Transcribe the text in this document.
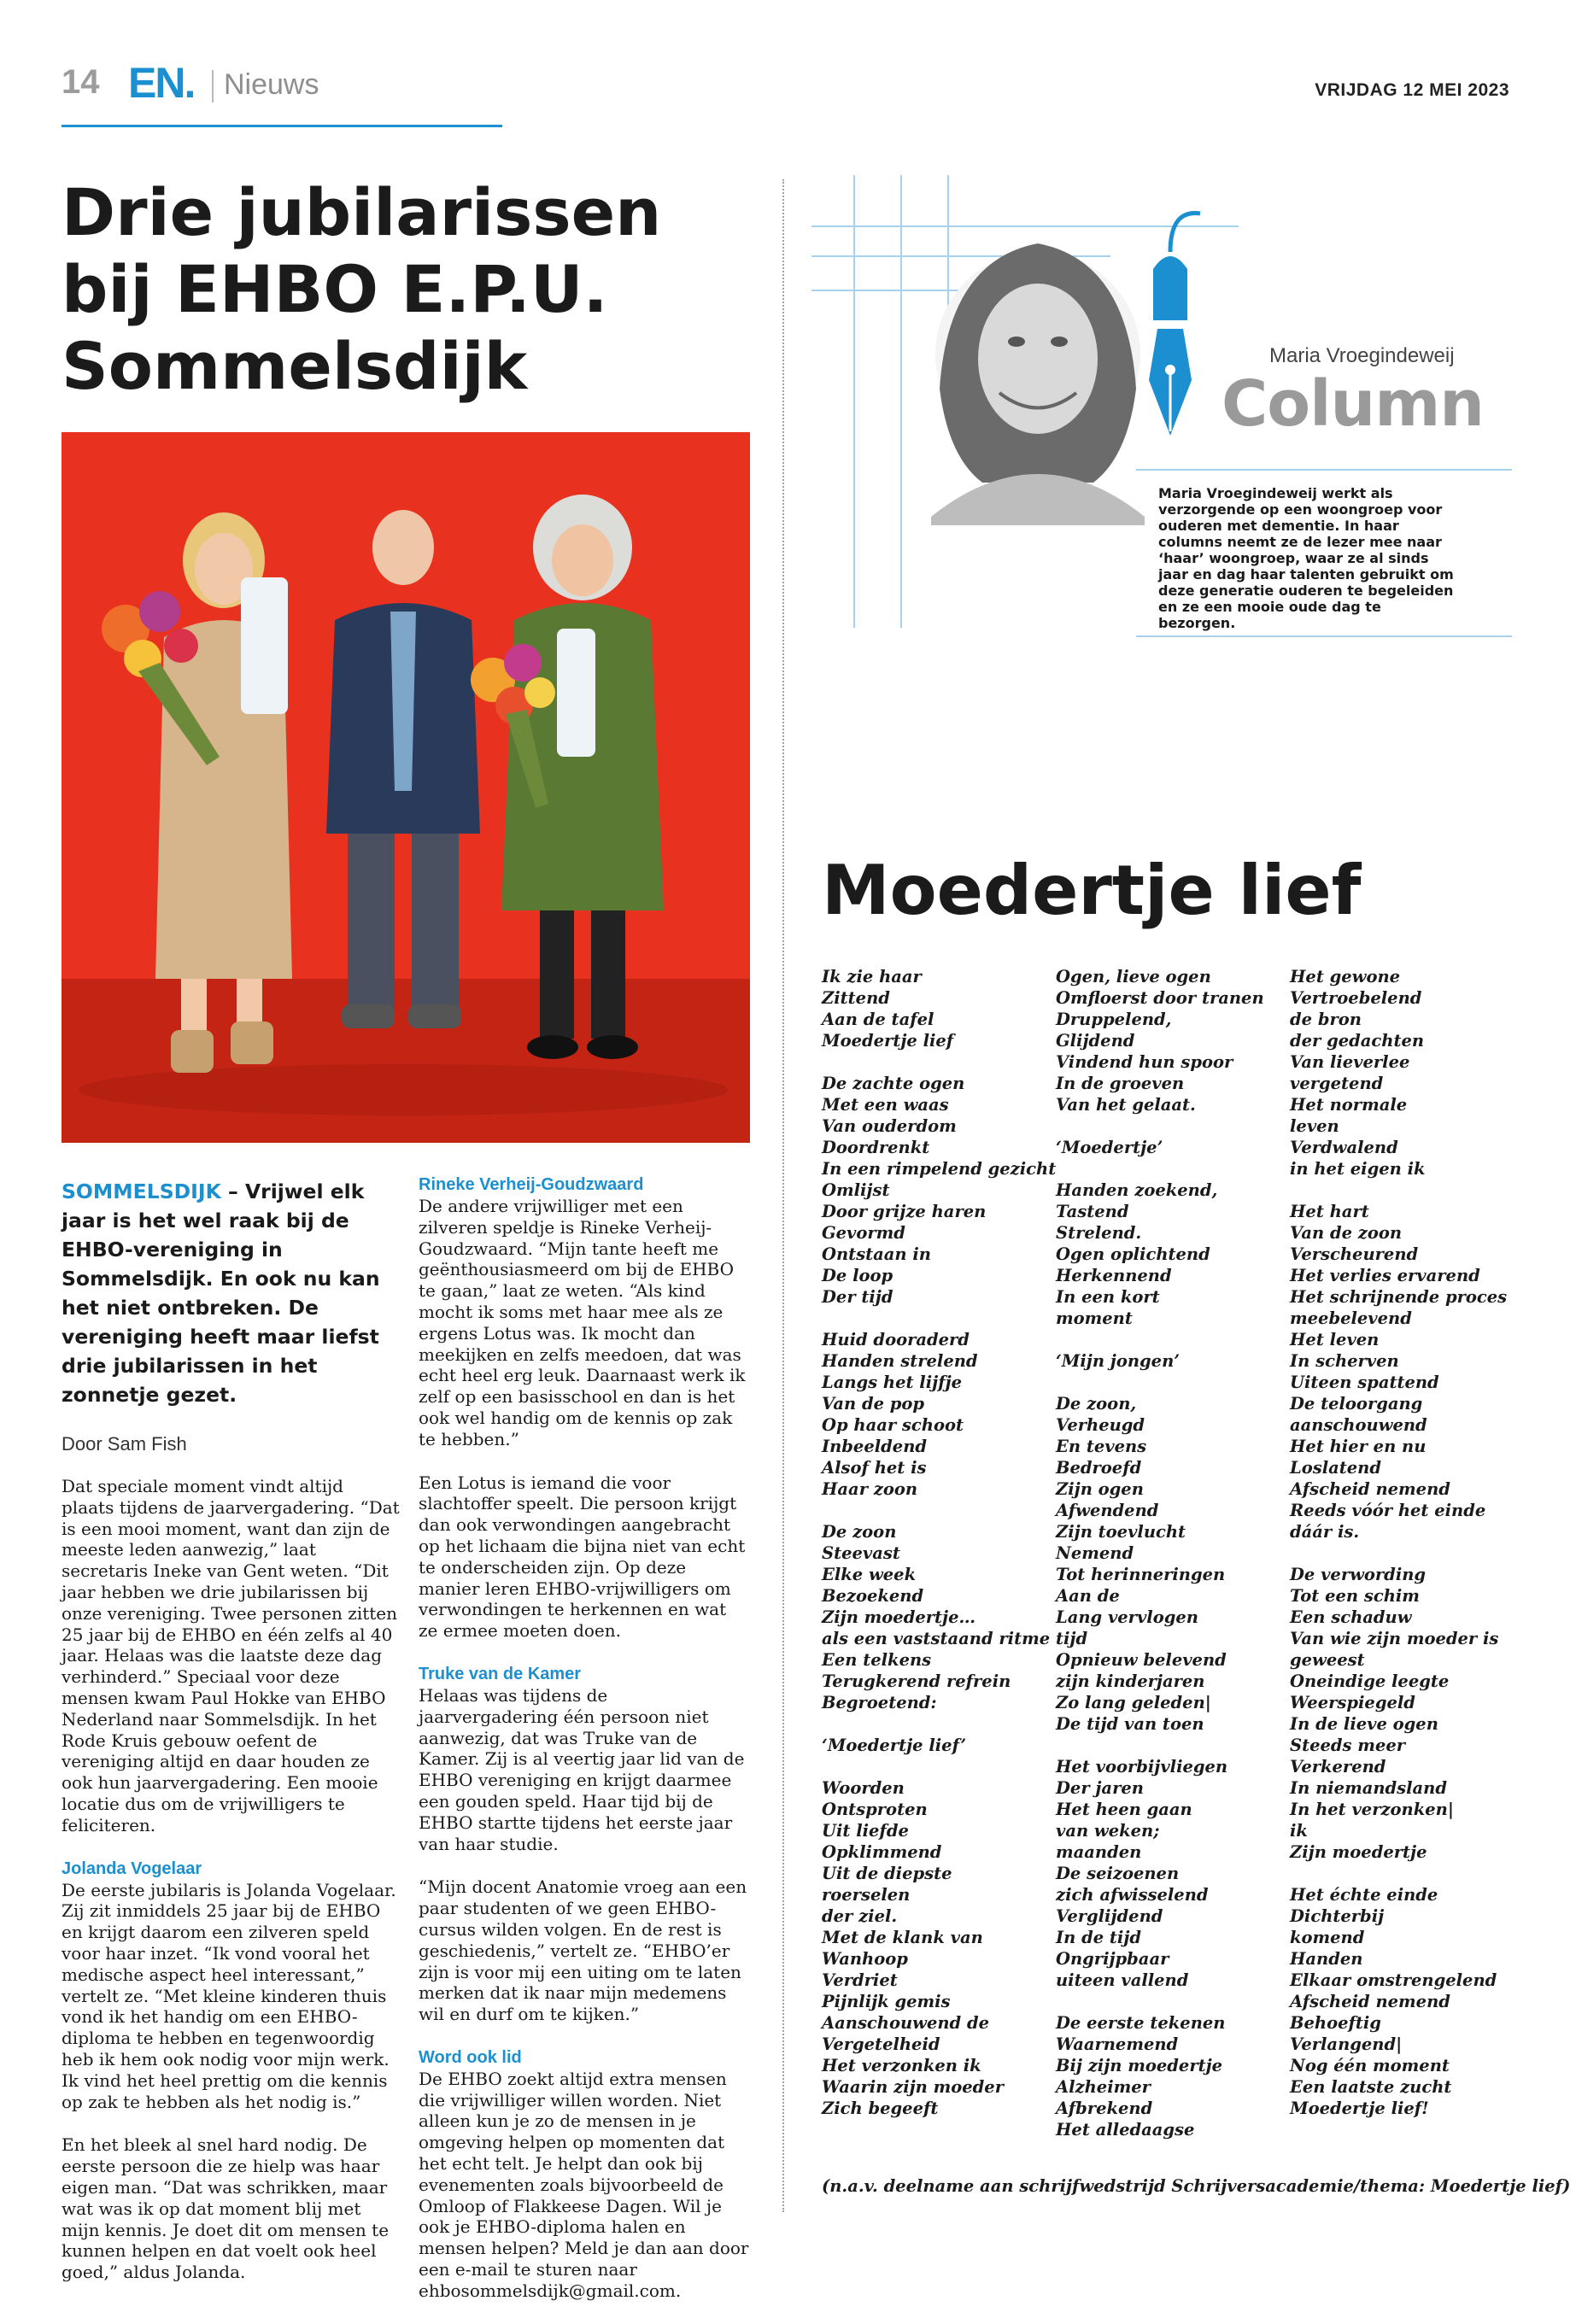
14 EN. Nieuws	VRIJDAG 12 MEI 2023
Drie jubilarissen
bij EHBO E.P.U.
Sommelsdijk
SOMMELSDIJK – Vrijwel elk jaar is het wel raak bij de EHBO-vereniging in Sommelsdijk. En ook nu kan het niet ontbreken. De vereniging heeft maar liefst drie jubilarissen in het zonnetje gezet.
Door Sam Fish

Dat speciale moment vindt altijd plaats tijdens de jaarvergadering. “Dat is een mooi moment, want dan zijn de meeste leden aanwezig,” laat secretaris Ineke van Gent weten. “Dit jaar hebben we drie jubilarissen bij onze vereniging. Twee personen zitten 25 jaar bij de EHBO en één zelfs al 40 jaar. Helaas was die laatste deze dag verhinderd.” Speciaal voor deze mensen kwam Paul Hokke van EHBO Nederland naar Sommelsdijk. In het Rode Kruis gebouw oefent de vereniging altijd en daar houden ze ook hun jaarvergadering. Een mooie locatie dus om de vrijwilligers te feliciteren.

Jolanda Vogelaar

De eerste jubilaris is Jolanda Vogelaar. Zij zit inmiddels 25 jaar bij de EHBO en krijgt daarom een zilveren speld voor haar inzet. “Ik vond vooral het medische aspect heel interessant,” vertelt ze. “Met kleine kinderen thuis vond ik het handig om een EHBO-diploma te hebben en tegenwoordig heb ik hem ook nodig voor mijn werk. Ik vind het heel prettig om die kennis op zak te hebben als het nodig is.”

En het bleek al snel hard nodig. De eerste persoon die ze hielp was haar eigen man. “Dat was schrikken, maar wat was ik op dat moment blij met mijn kennis. Je doet dit om mensen te kunnen helpen en dat voelt ook heel goed,” aldus Jolanda.

Rineke Verheij-Goudzwaard

De andere vrijwilliger met een zilveren speldje is Rineke Verheij-Goudzwaard. “Mijn tante heeft me geënthousiasmeerd om bij de EHBO te gaan,” laat ze weten. “Als kind mocht ik soms met haar mee als ze ergens Lotus was. Ik mocht dan meekijken en zelfs meedoen, dat was echt heel erg leuk. Daarnaast werk ik zelf op een basisschool en dan is het ook wel handig om de kennis op zak te hebben.”

Een Lotus is iemand die voor slachtoffer speelt. Die persoon krijgt dan ook verwondingen aangebracht op het lichaam die bijna niet van echt te onderscheiden zijn. Op deze manier leren EHBO-vrijwilligers om verwondingen te herkennen en wat ze ermee moeten doen.

Truke van de Kamer

Helaas was tijdens de jaarvergadering één persoon niet aanwezig, dat was Truke van de Kamer. Zij is al veertig jaar lid van de EHBO vereniging en krijgt daarmee een gouden speld. Haar tijd bij de EHBO startte tijdens het eerste jaar van haar studie.

“Mijn docent Anatomie vroeg aan een paar studenten of we geen EHBO-cursus wilden volgen. En de rest is geschiedenis,” vertelt ze. “EHBO’er zijn is voor mij een uiting om te laten merken dat ik naar mijn medemens wil en durf om te kijken.”

Word ook lid

De EHBO zoekt altijd extra mensen die vrijwilliger willen worden. Niet alleen kun je zo de mensen in je omgeving helpen op momenten dat het echt telt. Je helpt dan ook bij evenementen zoals bijvoorbeeld de Omloop of Flakkeese Dagen. Wil je ook je EHBO-diploma halen en mensen helpen? Meld je dan aan door een e-mail te sturen naar ehbosommelsdijk@gmail.com.

Maria Vroegindeweij
Column
Maria Vroegindeweij werkt als verzorgende op een woongroep voor ouderen met dementie. In haar columns neemt ze de lezer mee naar ‘haar’ woongroep, waar ze al sinds jaar en dag haar talenten gebruikt om deze generatie ouderen te begeleiden en ze een mooie oude dag te bezorgen.
Moedertje lief
Ik zie haar
Zittend
Aan de tafel
Moedertje lief
De zachte ogen
Met een waas
Van ouderdom
Doordrenkt
In een rimpelend gezicht
Omlijst
Door grijze haren
Gevormd
Ontstaan in
De loop
Der tijd
Huid dooraderd
Handen strelend
Langs het lijfje
Van de pop
Op haar schoot
Inbeeldend
Alsof het is
Haar zoon
De zoon
Steevast
Elke week
Bezoekend
Zijn moedertje…
als een vaststaand ritme
Een telkens
Terugkerend refrein
Begroetend:
‘Moedertje lief’
Woorden
Ontsproten
Uit liefde
Opklimmend
Uit de diepste
roerselen
der ziel.
Met de klank van
Wanhoop
Verdriet
Pijnlijk gemis
Aanschouwend de
Vergetelheid
Het verzonken ik
Waarin zijn moeder
Zich begeeft
Ogen, lieve ogen
Omfloerst door tranen
Druppelend,
Glijdend
Vindend hun spoor
In de groeven
Van het gelaat.
‘Moedertje’
Handen zoekend,
Tastend
Strelend.
Ogen oplichtend
Herkennend
In een kort
moment
‘Mijn jongen’
De zoon,
Verheugd
En tevens
Bedroefd
Zijn ogen
Afwendend
Zijn toevlucht
Nemend
Tot herinneringen
Aan de
Lang vervlogen
tijd
Opnieuw belevend
zijn kinderjaren
Zo lang geleden|
De tijd van toen
Het voorbijvliegen
Der jaren
Het heen gaan
van weken;
maanden
De seizoenen
zich afwisselend
Verglijdend
In de tijd
Ongrijpbaar
uiteen vallend
De eerste tekenen
Waarnemend
Bij zijn moedertje
Alzheimer
Afbrekend
Het alledaagse
Het gewone
Vertroebelend
de bron
der gedachten
Van lieverlee
vergetend
Het normale
leven
Verdwalend
in het eigen ik
Het hart
Van de zoon
Verscheurend
Het verlies ervarend
Het schrijnende proces
meebelevend
Het leven
In scherven
Uiteen spattend
De teloorgang
aanschouwend
Het hier en nu
Loslatend
Afscheid nemend
Reeds vóór het einde
dáár is.
De verwording
Tot een schim
Een schaduw
Van wie zijn moeder is
geweest
Oneindige leegte
Weerspiegeld
In de lieve ogen
Steeds meer
Verkerend
In niemandsland
In het verzonken|
ik
Zijn moedertje
Het échte einde
Dichterbij
komend
Handen
Elkaar omstrengelend
Afscheid nemend
Behoeftig
Verlangend|
Nog één moment
Een laatste zucht
Moedertje lief!
(n.a.v. deelname aan schrijfwedstrijd Schrijversacademie/thema: Moedertje lief)
